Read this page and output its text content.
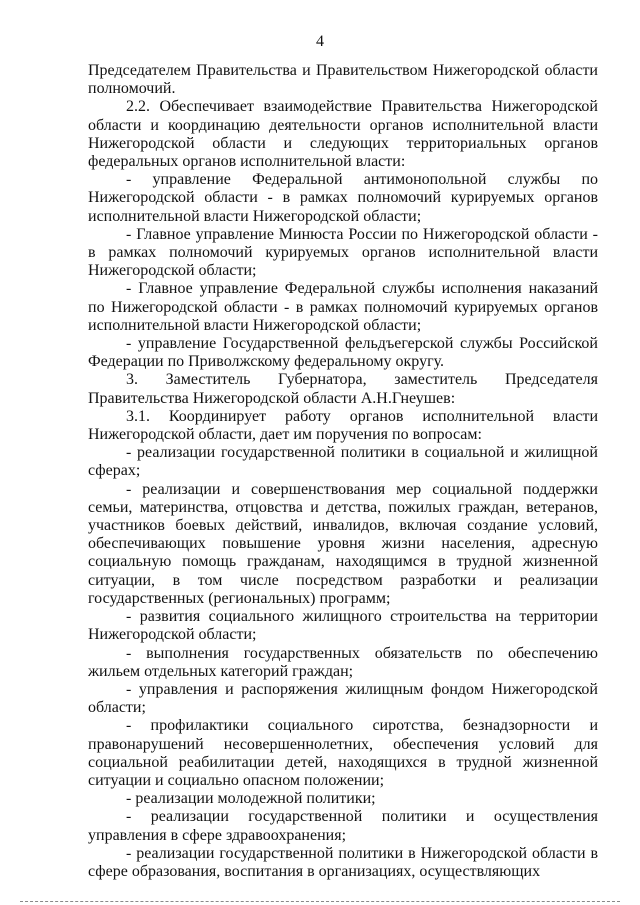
4

Председателем Правительства и Правительством Нижегородской области полномочий.

2.2. Обеспечивает взаимодействие Правительства Нижегородской области и координацию деятельности органов исполнительной власти Нижегородской области и следующих территориальных органов федеральных органов исполнительной власти:

- управление Федеральной антимонопольной службы по Нижегородской области - в рамках полномочий курируемых органов исполнительной власти Нижегородской области;

- Главное управление Минюста России по Нижегородской области - в рамках полномочий курируемых органов исполнительной власти Нижегородской области;

- Главное управление Федеральной службы исполнения наказаний по Нижегородской области - в рамках полномочий курируемых органов исполнительной власти Нижегородской области;

- управление Государственной фельдъегерской службы Российской Федерации по Приволжскому федеральному округу.

3. Заместитель Губернатора, заместитель Председателя Правительства Нижегородской области А.Н.Гнеушев:

3.1. Координирует работу органов исполнительной власти Нижегородской области, дает им поручения по вопросам:

- реализации государственной политики в социальной и жилищной сферах;

- реализации и совершенствования мер социальной поддержки семьи, материнства, отцовства и детства, пожилых граждан, ветеранов, участников боевых действий, инвалидов, включая создание условий, обеспечивающих повышение уровня жизни населения, адресную социальную помощь гражданам, находящимся в трудной жизненной ситуации, в том числе посредством разработки и реализации государственных (региональных) программ;

- развития социального жилищного строительства на территории Нижегородской области;

- выполнения государственных обязательств по обеспечению жильем отдельных категорий граждан;

- управления и распоряжения жилищным фондом Нижегородской области;

- профилактики социального сиротства, безнадзорности и правонарушений несовершеннолетних, обеспечения условий для социальной реабилитации детей, находящихся в трудной жизненной ситуации и социально опасном положении;

- реализации молодежной политики;

- реализации государственной политики и осуществления управления в сфере здравоохранения;

- реализации государственной политики в Нижегородской области в сфере образования, воспитания в организациях, осуществляющих
